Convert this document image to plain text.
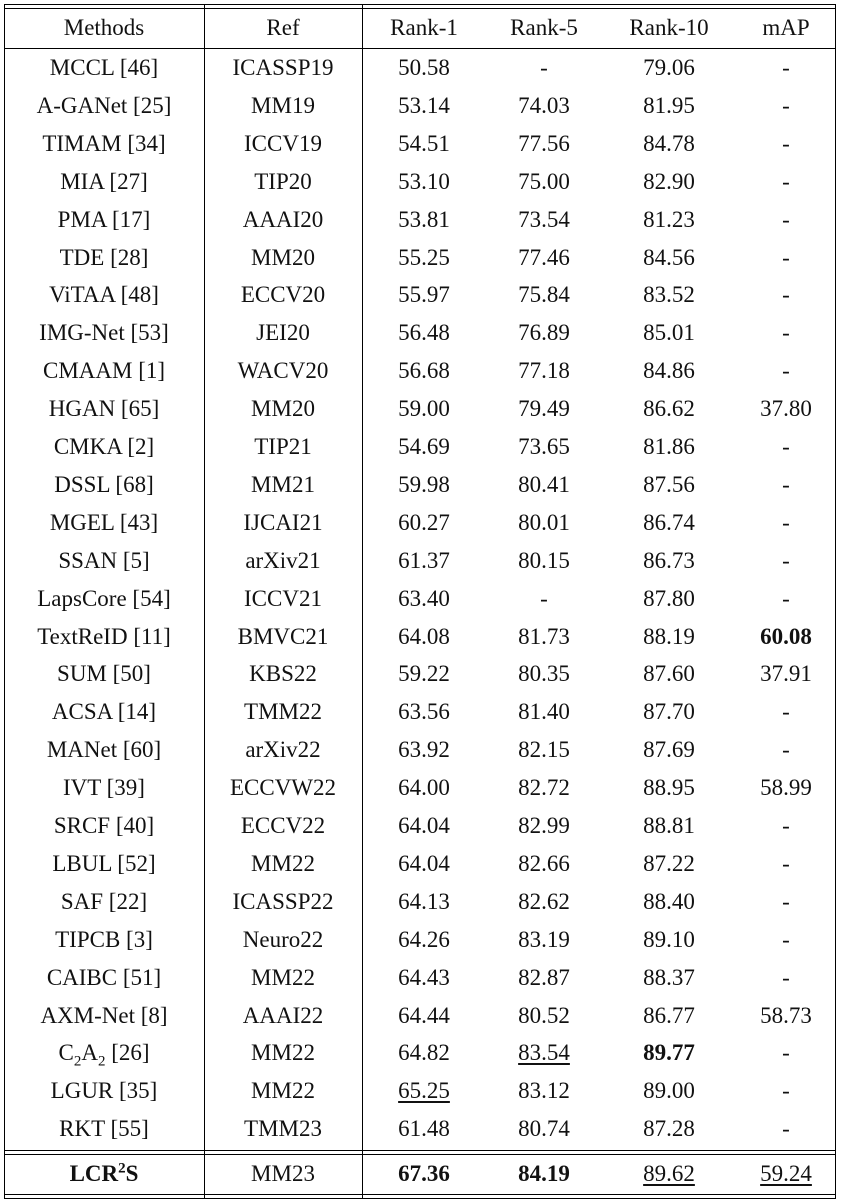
Methods	Ref	Rank-1	Rank-5	Rank-10	mAP
MCCL [46]	ICASSP19	50.58	-	79.06	-
A-GANet [25]	MM19	53.14	74.03	81.95	-
TIMAM [34]	ICCV19	54.51	77.56	84.78	-
MIA [27]	TIP20	53.10	75.00	82.90	-
PMA [17]	AAAI20	53.81	73.54	81.23	-
TDE [28]	MM20	55.25	77.46	84.56	-
ViTAA [48]	ECCV20	55.97	75.84	83.52	-
IMG-Net [53]	JEI20	56.48	76.89	85.01	-
CMAAM [1]	WACV20	56.68	77.18	84.86	-
HGAN [65]	MM20	59.00	79.49	86.62	37.80
CMKA [2]	TIP21	54.69	73.65	81.86	-
DSSL [68]	MM21	59.98	80.41	87.56	-
MGEL [43]	IJCAI21	60.27	80.01	86.74	-
SSAN [5]	arXiv21	61.37	80.15	86.73	-
LapsCore [54]	ICCV21	63.40	-	87.80	-
TextReID [11]	BMVC21	64.08	81.73	88.19	60.08
SUM [50]	KBS22	59.22	80.35	87.60	37.91
ACSA [14]	TMM22	63.56	81.40	87.70	-
MANet [60]	arXiv22	63.92	82.15	87.69	-
IVT [39]	ECCVW22	64.00	82.72	88.95	58.99
SRCF [40]	ECCV22	64.04	82.99	88.81	-
LBUL [52]	MM22	64.04	82.66	87.22	-
SAF [22]	ICASSP22	64.13	82.62	88.40	-
TIPCB [3]	Neuro22	64.26	83.19	89.10	-
CAIBC [51]	MM22	64.43	82.87	88.37	-
AXM-Net [8]	AAAI22	64.44	80.52	86.77	58.73
$C_2A_2$ [26]	MM22	64.82	83.54	89.77	-
LGUR [35]	MM22	65.25	83.12	89.00	-
RKT [55]	TMM23	61.48	80.74	87.28	-
LCR$^2$S	MM23	67.36	84.19	89.62	59.24
